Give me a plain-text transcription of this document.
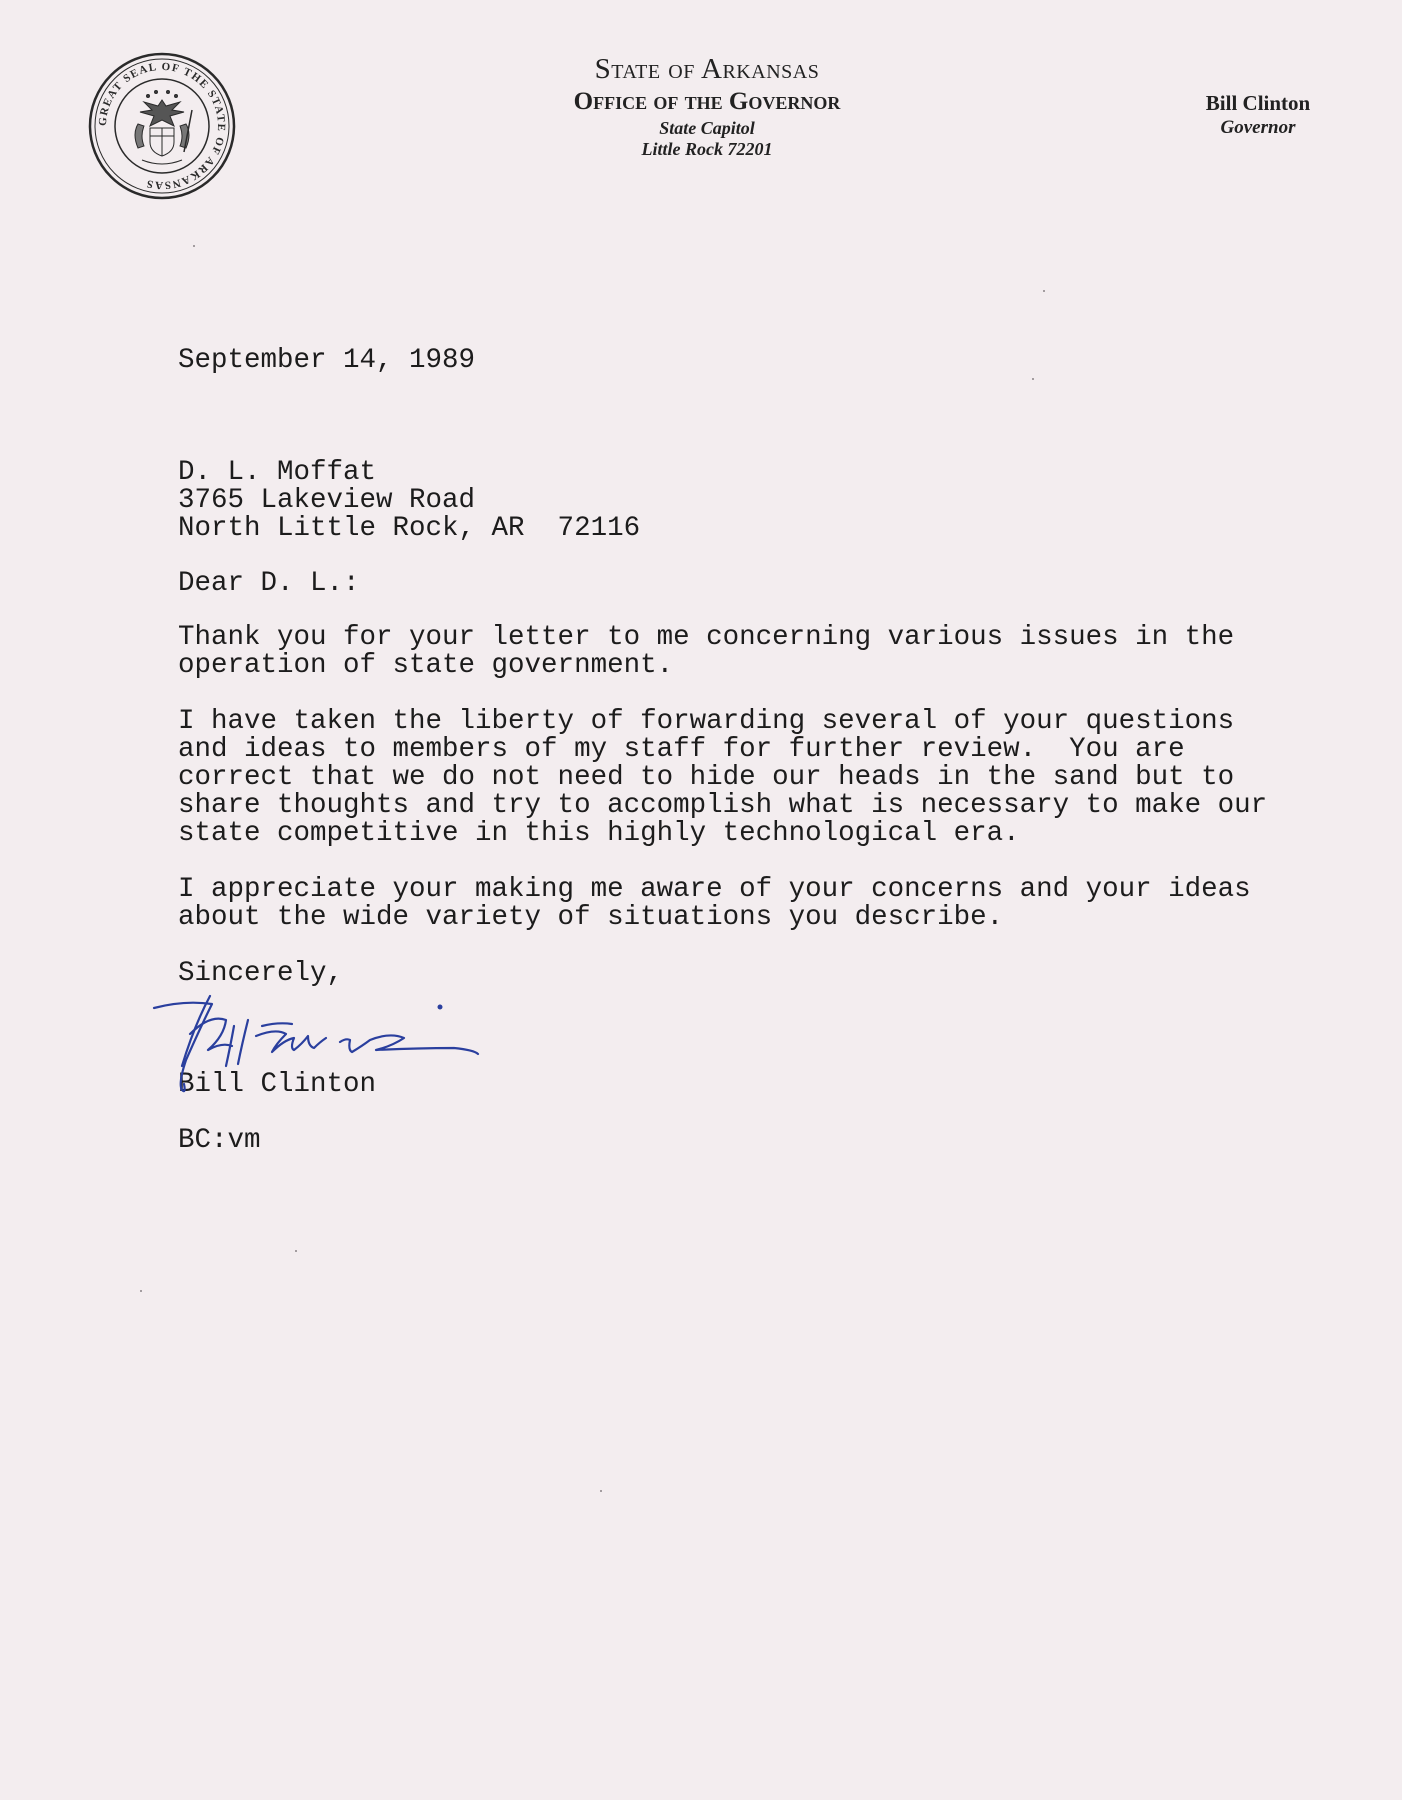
GREAT SEAL OF THE STATE OF ARKANSAS
State of Arkansas
Office of the Governor
State Capitol
Little Rock 72201
Bill Clinton
Governor
September 14, 1989
D. L. Moffat
3765 Lakeview Road
North Little Rock, AR  72116
Dear D. L.:
Thank you for your letter to me concerning various issues in the
operation of state government.
I have taken the liberty of forwarding several of your questions
and ideas to members of my staff for further review.  You are
correct that we do not need to hide our heads in the sand but to
share thoughts and try to accomplish what is necessary to make our
state competitive in this highly technological era.
I appreciate your making me aware of your concerns and your ideas
about the wide variety of situations you describe.
Sincerely,
Bill Clinton
BC:vm
